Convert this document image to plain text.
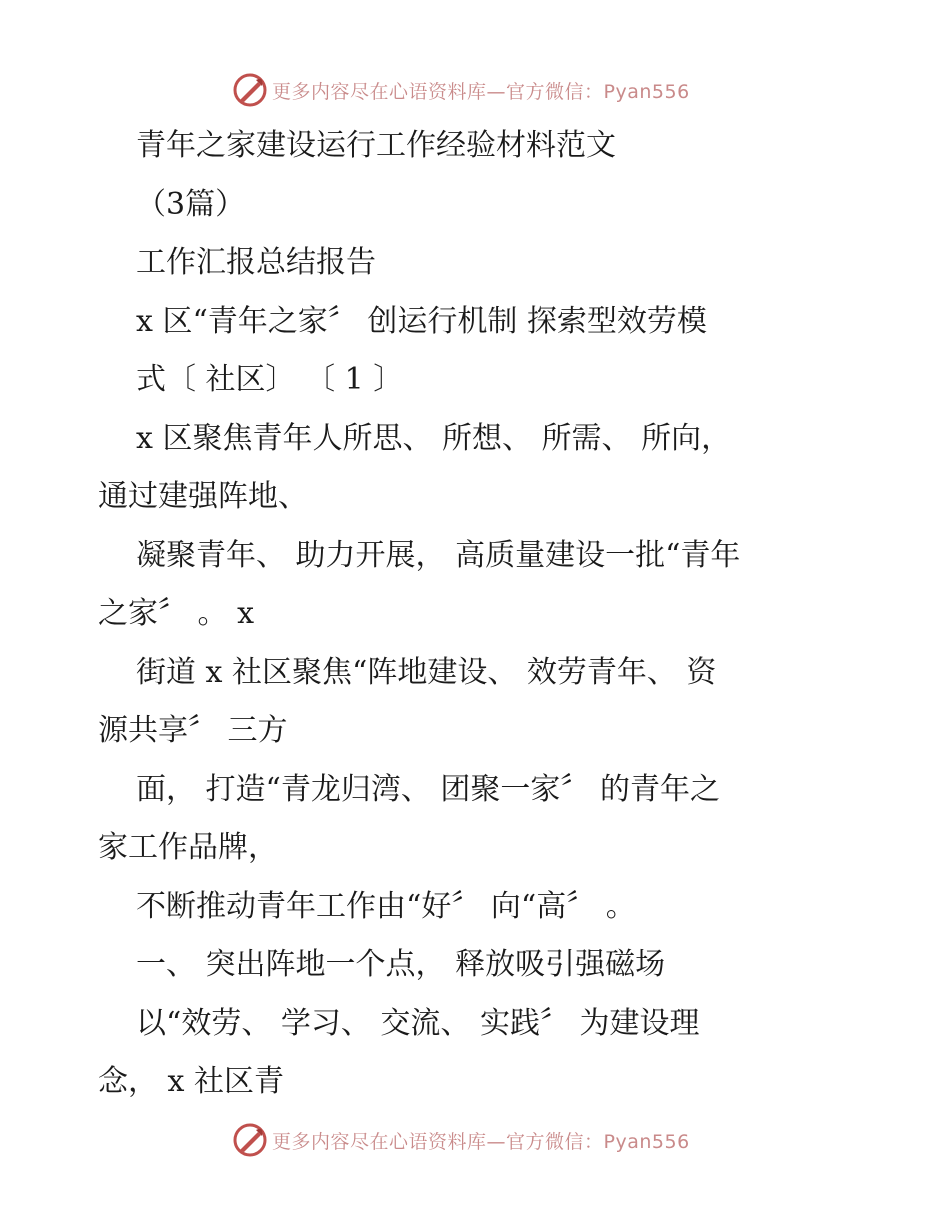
更多内容尽在心语资料库—官方微信：Pyan556
青年之家建设运行工作经验材料范文
（3篇）
工作汇报总结报告
x 区“青年之家〞 创运行机制 探索型效劳模
式〔 社区〕 〔 1 〕
x 区聚焦青年人所思、 所想、 所需、 所向，
通过建强阵地、
凝聚青年、 助力开展， 高质量建设一批“青年
之家〞 。 x
街道 x 社区聚焦“阵地建设、 效劳青年、 资
源共享〞 三方
面， 打造“青龙归湾、 团聚一家〞 的青年之
家工作品牌，
不断推动青年工作由“好〞 向“高〞 。
一、 突出阵地一个点， 释放吸引强磁场
以“效劳、 学习、 交流、 实践〞 为建设理
念， x 社区青
更多内容尽在心语资料库—官方微信：Pyan556
